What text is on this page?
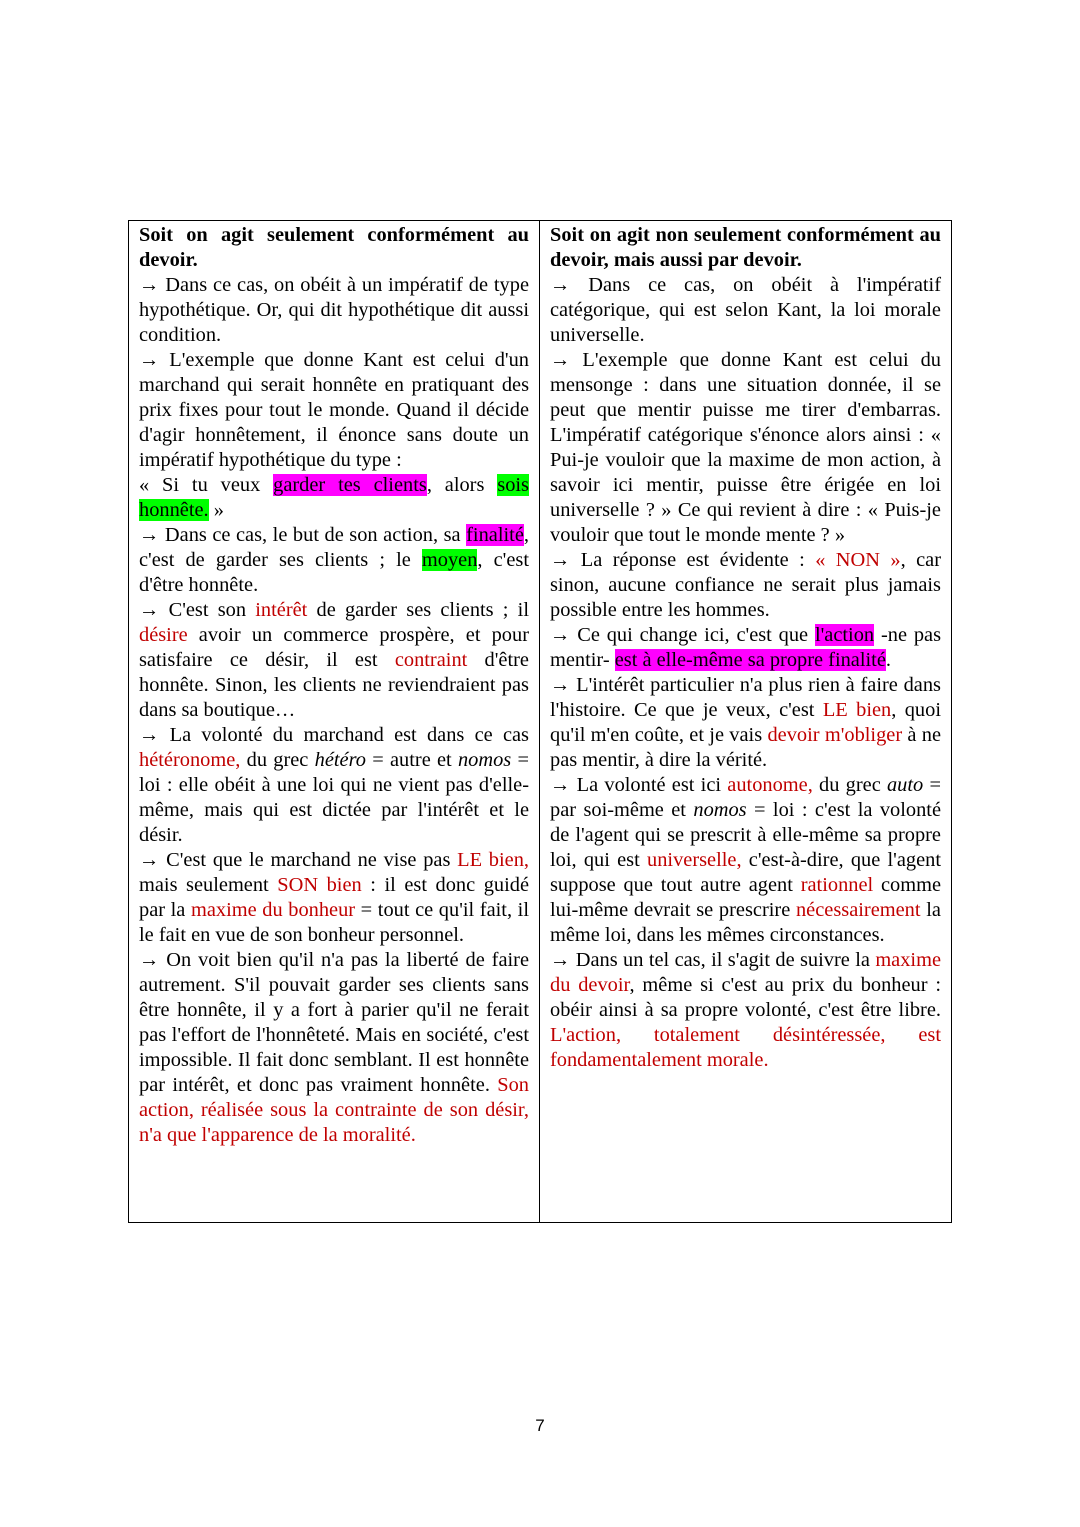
Soit on agit seulement conformément au devoir.

→ Dans ce cas, on obéit à un impératif de type hypothétique. Or, qui dit hypothétique dit aussi condition.

→ L'exemple que donne Kant est celui d'un marchand qui serait honnête en pratiquant des prix fixes pour tout le monde. Quand il décide d'agir honnêtement, il énonce sans doute un impératif hypothétique du type :

« Si tu veux garder tes clients, alors sois honnête. »

→ Dans ce cas, le but de son action, sa finalité, c'est de garder ses clients ; le moyen, c'est d'être honnête.

→ C'est son intérêt de garder ses clients ; il désire avoir un commerce prospère, et pour satisfaire ce désir, il est contraint d'être honnête. Sinon, les clients ne reviendraient pas dans sa boutique…

→ La volonté du marchand est dans ce cas hétéronome, du grec hétéro = autre et nomos = loi : elle obéit à une loi qui ne vient pas d'elle-même, mais qui est dictée par l'intérêt et le désir.

→ C'est que le marchand ne vise pas LE bien, mais seulement SON bien : il est donc guidé par la maxime du bonheur = tout ce qu'il fait, il le fait en vue de son bonheur personnel.

→ On voit bien qu'il n'a pas la liberté de faire autrement. S'il pouvait garder ses clients sans être honnête, il y a fort à parier qu'il ne ferait pas l'effort de l'honnêteté. Mais en société, c'est impossible. Il fait donc semblant. Il est honnête par intérêt, et donc pas vraiment honnête. Son action, réalisée sous la contrainte de son désir, n'a que l'apparence de la moralité.

Soit on agit non seulement conformément au devoir, mais aussi par devoir.

→ Dans ce cas, on obéit à l'impératif catégorique, qui est selon Kant, la loi morale universelle.

→ L'exemple que donne Kant est celui du mensonge : dans une situation donnée, il se peut que mentir puisse me tirer d'embarras. L'impératif catégorique s'énonce alors ainsi : « Pui-je vouloir que la maxime de mon action, à savoir ici mentir, puisse être érigée en loi universelle ? » Ce qui revient à dire : « Puis-je vouloir que tout le monde mente ? »

→ La réponse est évidente : « NON », car sinon, aucune confiance ne serait plus jamais possible entre les hommes.

→ Ce qui change ici, c'est que l'action -ne pas mentir- est à elle-même sa propre finalité.

→ L'intérêt particulier n'a plus rien à faire dans l'histoire. Ce que je veux, c'est LE bien, quoi qu'il m'en coûte, et je vais devoir m'obliger à ne pas mentir, à dire la vérité.

→ La volonté est ici autonome, du grec auto = par soi-même et nomos = loi : c'est la volonté de l'agent qui se prescrit à elle-même sa propre loi, qui est universelle, c'est-à-dire, que l'agent suppose que tout autre agent rationnel comme lui-même devrait se prescrire nécessairement la même loi, dans les mêmes circonstances.

→ Dans un tel cas, il s'agit de suivre la maxime du devoir, même si c'est au prix du bonheur : obéir ainsi à sa propre volonté, c'est être libre. L'action, totalement désintéressée, est fondamentalement morale.

7
